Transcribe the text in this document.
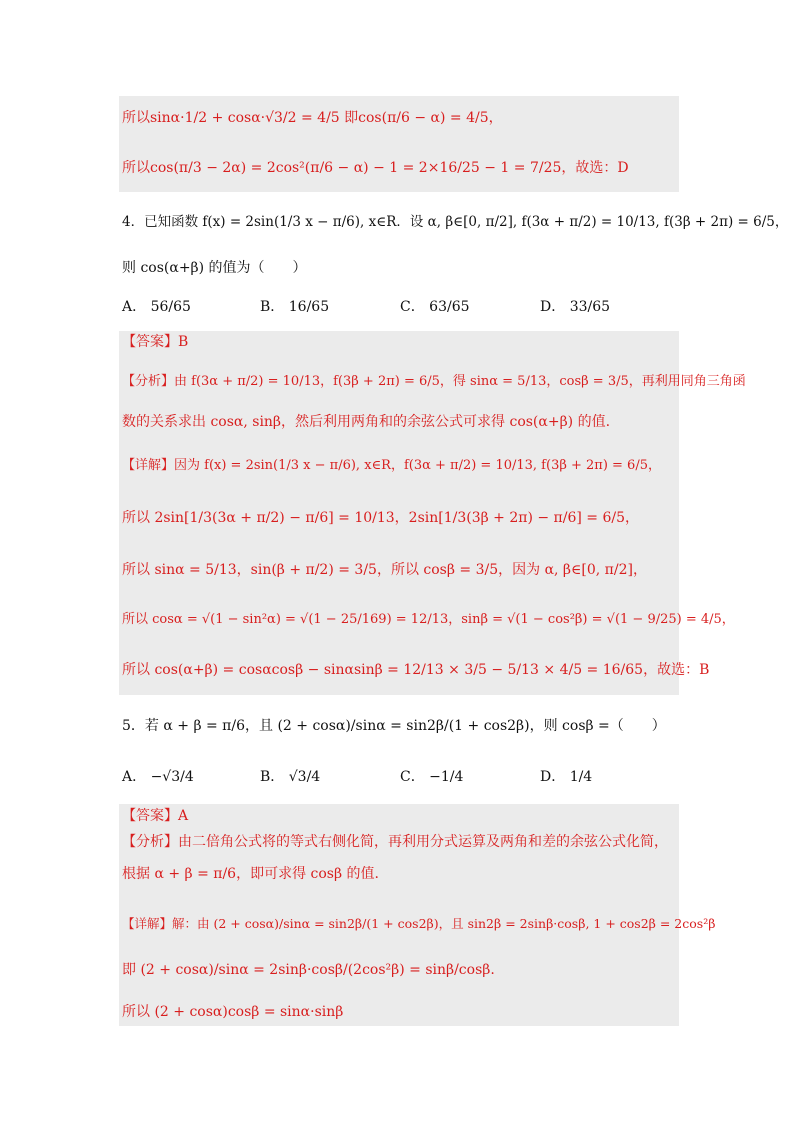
所以sinα·1/2 + cosα·√3/2 = 4/5 即cos(π/6 − α) = 4/5，
所以cos(π/3 − 2α) = 2cos²(π/6 − α) − 1 = 2×16/25 − 1 = 7/25，故选：D
4．已知函数 f(x) = 2sin(1/3 x − π/6), x∈R．设 α, β∈[0, π/2], f(3α + π/2) = 10/13, f(3β + 2π) = 6/5，
则 cos(α+β) 的值为（　　）
A． 56/65	B． 16/65	C． 63/65	D． 33/65
【答案】B
【分析】由 f(3α + π/2) = 10/13，f(3β + 2π) = 6/5，得 sinα = 5/13，cosβ = 3/5，再利用同角三角函
数的关系求出 cosα, sinβ，然后利用两角和的余弦公式可求得 cos(α+β) 的值.
【详解】因为 f(x) = 2sin(1/3 x − π/6), x∈R，f(3α + π/2) = 10/13, f(3β + 2π) = 6/5，
所以 2sin[1/3(3α + π/2) − π/6] = 10/13，2sin[1/3(3β + 2π) − π/6] = 6/5，
所以 sinα = 5/13，sin(β + π/2) = 3/5，所以 cosβ = 3/5，因为 α, β∈[0, π/2]，
所以 cosα = √(1 − sin²α) = √(1 − 25/169) = 12/13，sinβ = √(1 − cos²β) = √(1 − 9/25) = 4/5，
所以 cos(α+β) = cosαcosβ − sinαsinβ = 12/13 × 3/5 − 5/13 × 4/5 = 16/65，故选：B
5．若 α + β = π/6，且 (2 + cosα)/sinα = sin2β/(1 + cos2β)，则 cosβ =（　　）
A． −√3/4	B． √3/4	C． −1/4	D． 1/4
【答案】A
【分析】由二倍角公式将的等式右侧化简，再利用分式运算及两角和差的余弦公式化简，
根据 α + β = π/6，即可求得 cosβ 的值.
【详解】解：由 (2 + cosα)/sinα = sin2β/(1 + cos2β)，且 sin2β = 2sinβ·cosβ, 1 + cos2β = 2cos²β
即 (2 + cosα)/sinα = 2sinβ·cosβ/(2cos²β) = sinβ/cosβ.
所以 (2 + cosα)cosβ = sinα·sinβ
